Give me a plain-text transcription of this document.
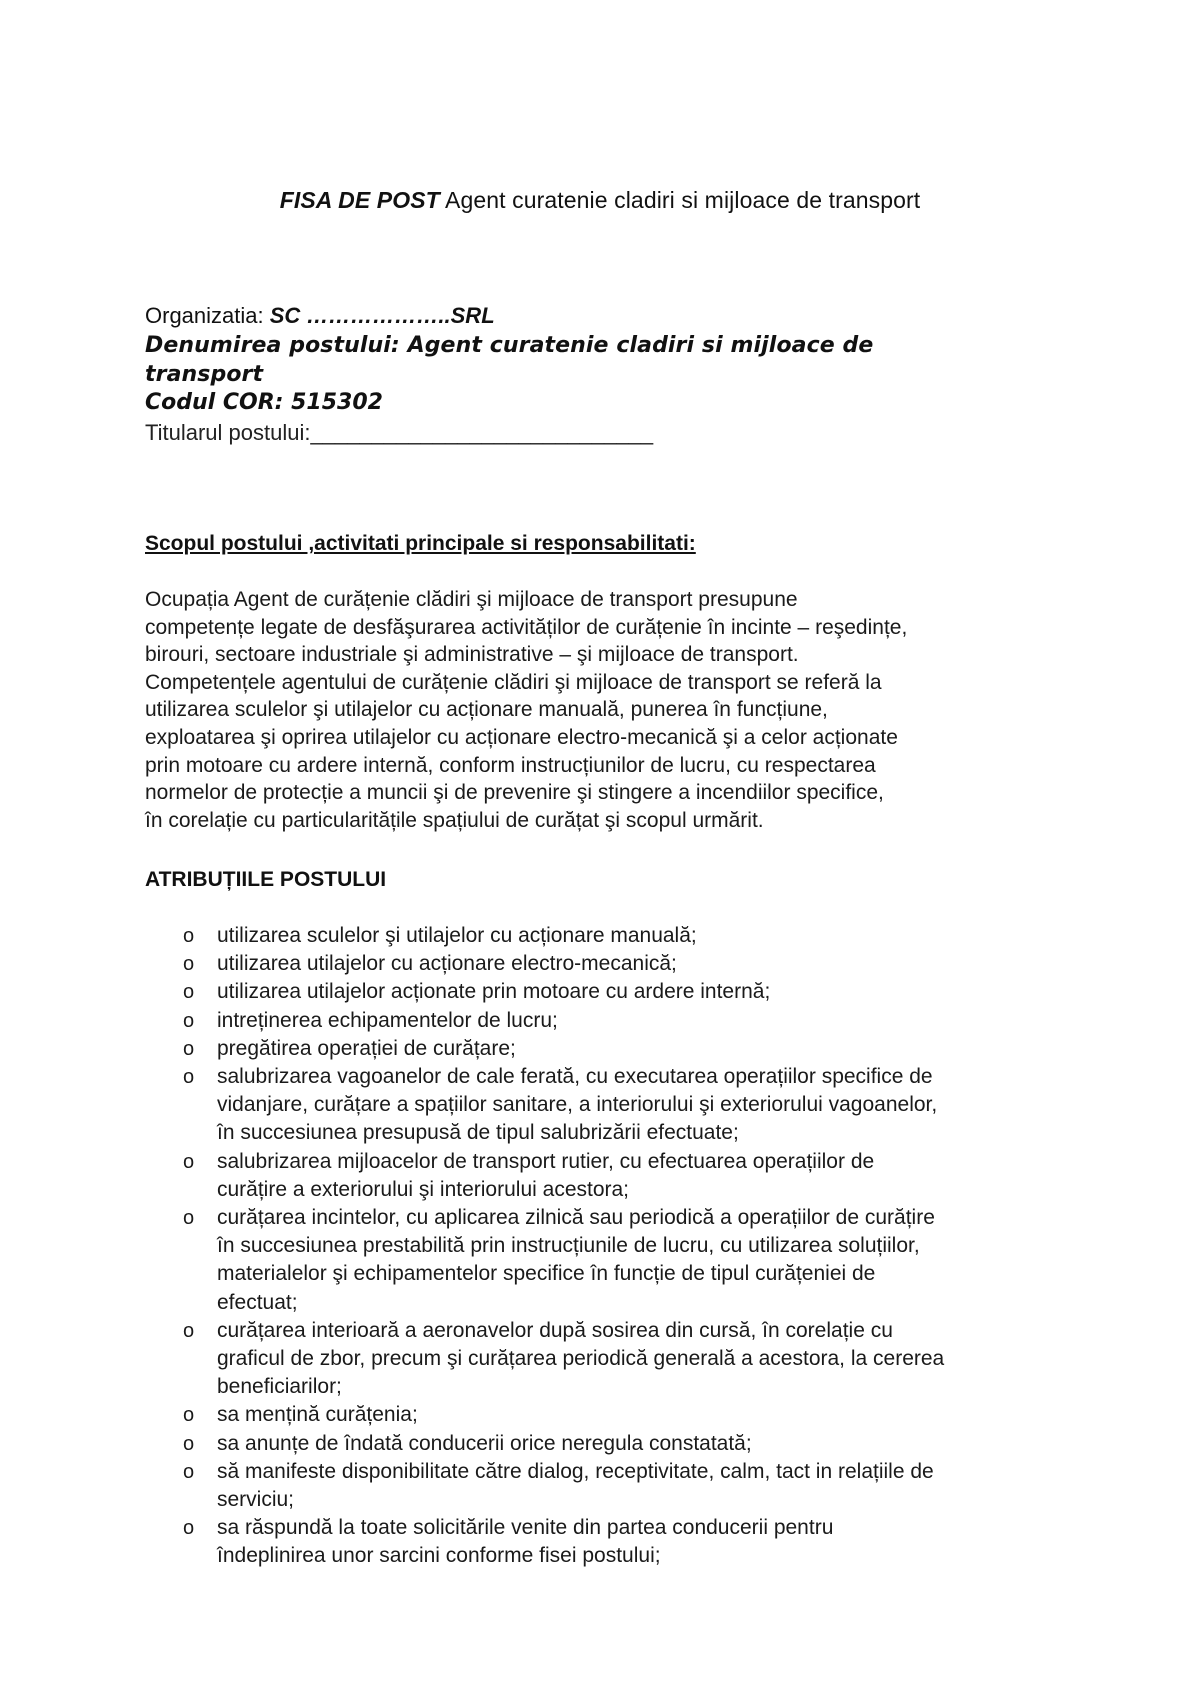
FISA DE POST Agent curatenie cladiri si mijloace de transport
Organizatia: SC ………………..SRL
Denumirea postului: Agent curatenie cladiri si mijloace de
transport
Codul COR: 515302
Titularul postului:____________________________
Scopul postului ,activitati principale si responsabilitati:
Ocupația Agent de curățenie clădiri şi mijloace de transport presupune
competențe legate de desfăşurarea activităților de curățenie în incinte – reşedințe,
birouri, sectoare industriale şi administrative – şi mijloace de transport.
Competențele agentului de curățenie clădiri şi mijloace de transport se referă la
utilizarea sculelor şi utilajelor cu acționare manuală, punerea în funcțiune,
exploatarea şi oprirea utilajelor cu acționare electro-mecanică şi a celor acționate
prin motoare cu ardere internă, conform instrucțiunilor de lucru, cu respectarea
normelor de protecție a muncii şi de prevenire şi stingere a incendiilor specifice,
în corelație cu particularitățile spațiului de curățat şi scopul urmărit.
ATRIBUȚIILE POSTULUI
o utilizarea sculelor şi utilajelor cu acționare manuală;
o utilizarea utilajelor cu acționare electro-mecanică;
o utilizarea utilajelor acționate prin motoare cu ardere internă;
o intreținerea echipamentelor de lucru;
o pregătirea operației de curățare;
o salubrizarea vagoanelor de cale ferată, cu executarea operațiilor specifice de
vidanjare, curățare a spațiilor sanitare, a interiorului şi exteriorului vagoanelor,
în succesiunea presupusă de tipul salubrizării efectuate;
o salubrizarea mijloacelor de transport rutier, cu efectuarea operațiilor de
curățire a exteriorului şi interiorului acestora;
o curățarea incintelor, cu aplicarea zilnică sau periodică a operațiilor de curățire
în succesiunea prestabilită prin instrucțiunile de lucru, cu utilizarea soluțiilor,
materialelor şi echipamentelor specifice în funcție de tipul curățeniei de
efectuat;
o curățarea interioară a aeronavelor după sosirea din cursă, în corelație cu
graficul de zbor, precum şi curățarea periodică generală a acestora, la cererea
beneficiarilor;
o sa mențină curățenia;
o sa anunțe de îndată conducerii orice neregula constatată;
o să manifeste disponibilitate către dialog, receptivitate, calm, tact in relațiile de
serviciu;
o sa răspundă la toate solicitările venite din partea conducerii pentru
îndeplinirea unor sarcini conforme fisei postului;
